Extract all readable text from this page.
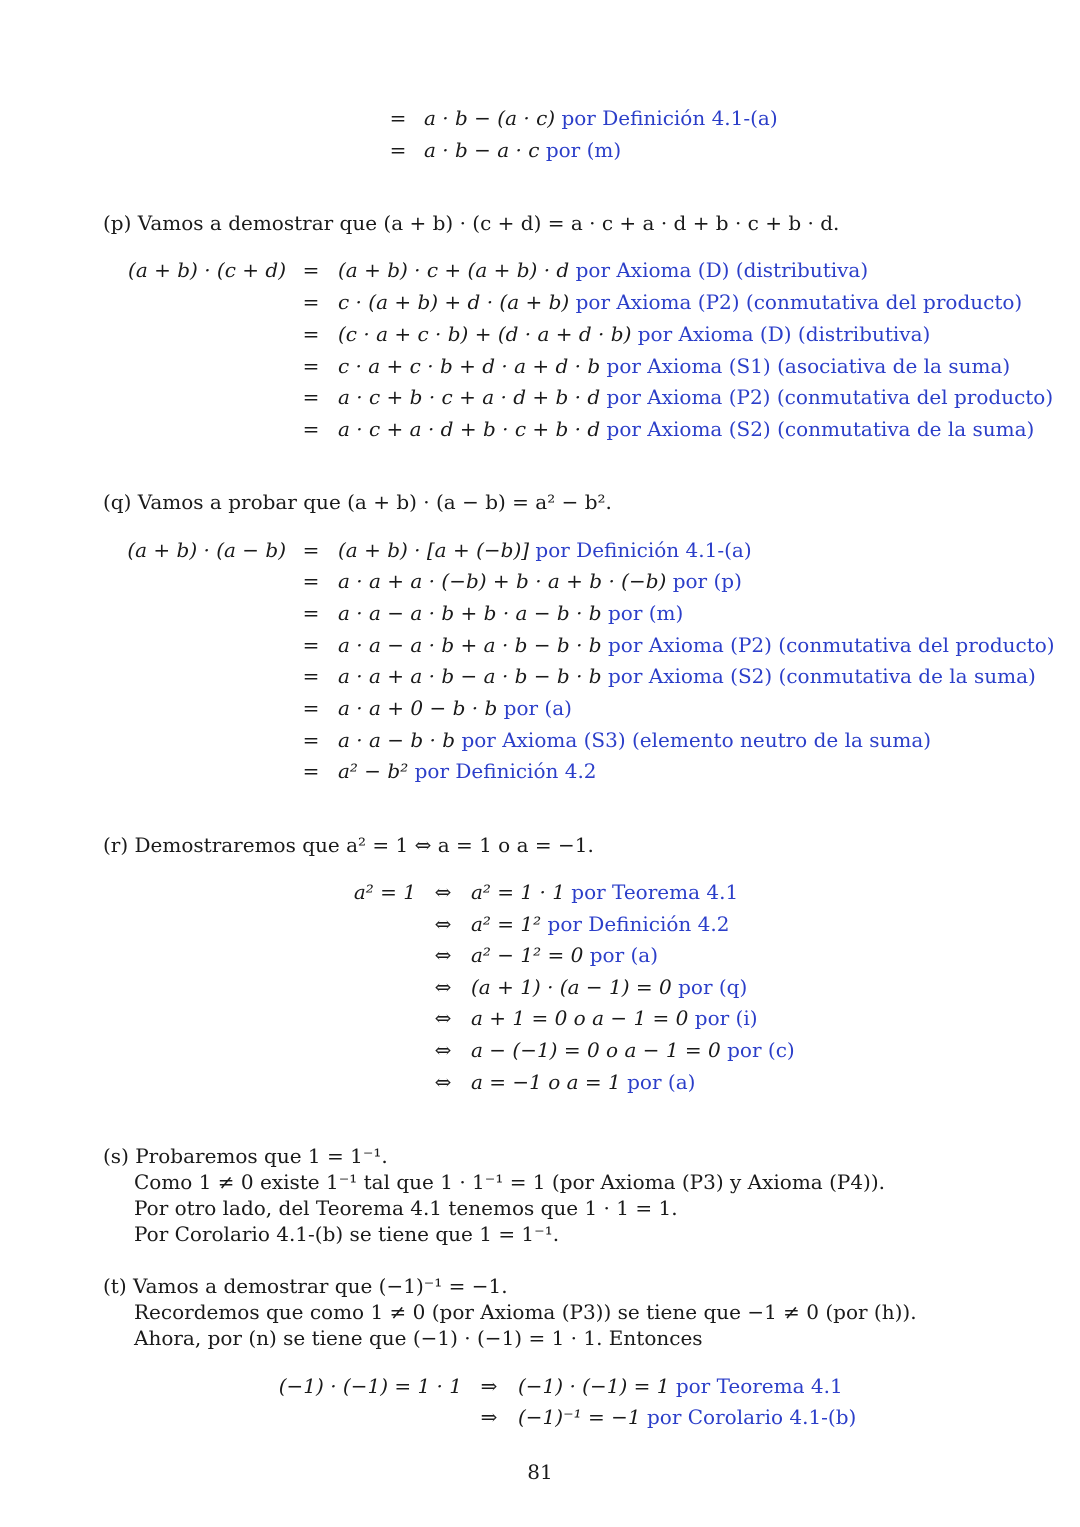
= a · b − (a · c) por Definición 4.1-(a)
= a · b − a · c por (m)
(p) Vamos a demostrar que (a + b) · (c + d) = a · c + a · d + b · c + b · d.
(a + b) · (c + d) = (a + b) · c + (a + b) · d por Axioma (D) (distributiva)
= c · (a + b) + d · (a + b) por Axioma (P2) (conmutativa del producto)
= (c · a + c · b) + (d · a + d · b) por Axioma (D) (distributiva)
= c · a + c · b + d · a + d · b por Axioma (S1) (asociativa de la suma)
= a · c + b · c + a · d + b · d por Axioma (P2) (conmutativa del producto)
= a · c + a · d + b · c + b · d por Axioma (S2) (conmutativa de la suma)
(q) Vamos a probar que (a + b) · (a − b) = a² − b².
(a + b) · (a − b) = (a + b) · [a + (−b)] por Definición 4.1-(a)
= a · a + a · (−b) + b · a + b · (−b) por (p)
= a · a − a · b + b · a − b · b por (m)
= a · a − a · b + a · b − b · b por Axioma (P2) (conmutativa del producto)
= a · a + a · b − a · b − b · b por Axioma (S2) (conmutativa de la suma)
= a · a + 0 − b · b por (a)
= a · a − b · b por Axioma (S3) (elemento neutro de la suma)
= a² − b² por Definición 4.2
(r) Demostraremos que a² = 1 ⇔ a = 1 o a = −1.
a² = 1 ⇔ a² = 1 · 1 por Teorema 4.1
⇔ a² = 1² por Definición 4.2
⇔ a² − 1² = 0 por (a)
⇔ (a + 1) · (a − 1) = 0 por (q)
⇔ a + 1 = 0 o a − 1 = 0 por (i)
⇔ a − (−1) = 0 o a − 1 = 0 por (c)
⇔ a = −1 o a = 1 por (a)
(s) Probaremos que 1 = 1⁻¹.
Como 1 ≠ 0 existe 1⁻¹ tal que 1 · 1⁻¹ = 1 (por Axioma (P3) y Axioma (P4)).
Por otro lado, del Teorema 4.1 tenemos que 1 · 1 = 1.
Por Corolario 4.1-(b) se tiene que 1 = 1⁻¹.
(t) Vamos a demostrar que (−1)⁻¹ = −1.
Recordemos que como 1 ≠ 0 (por Axioma (P3)) se tiene que −1 ≠ 0 (por (h)).
Ahora, por (n) se tiene que (−1) · (−1) = 1 · 1. Entonces
(−1) · (−1) = 1 · 1 ⇒ (−1) · (−1) = 1 por Teorema 4.1
⇒ (−1)⁻¹ = −1 por Corolario 4.1-(b)
81
